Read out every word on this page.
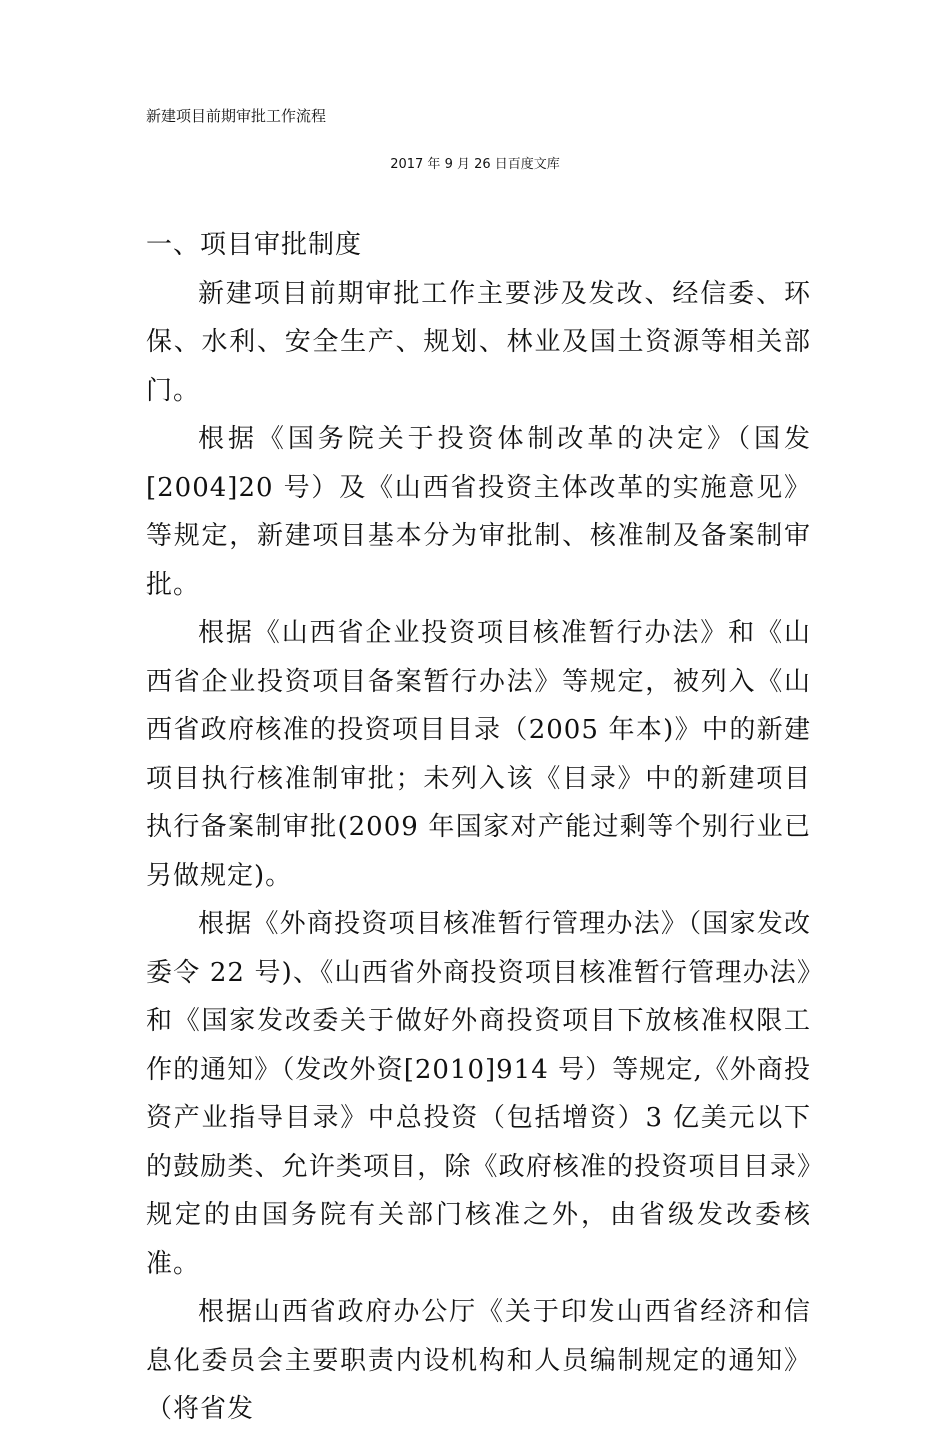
新建项目前期审批工作流程

2017 年 9 月 26 日百度文库

一、项目审批制度

新建项目前期审批工作主要涉及发改、经信委、环保、水利、安全生产、规划、林业及国土资源等相关部门。

根据《国务院关于投资体制改革的决定》（国发[2004]20 号）及《山西省投资主体改革的实施意见》等规定，新建项目基本分为审批制、核准制及备案制审批。

根据《山西省企业投资项目核准暂行办法》和《山西省企业投资项目备案暂行办法》等规定，被列入《山西省政府核准的投资项目目录（2005 年本)》中的新建项目执行核准制审批；未列入该《目录》中的新建项目执行备案制审批(2009 年国家对产能过剩等个别行业已另做规定)。

根据《外商投资项目核准暂行管理办法》（国家发改委令 22 号)、《山西省外商投资项目核准暂行管理办法》和《国家发改委关于做好外商投资项目下放核准权限工作的通知》（发改外资[2010]914 号）等规定,《外商投资产业指导目录》中总投资（包括增资）3 亿美元以下的鼓励类、允许类项目，除《政府核准的投资项目目录》规定的由国务院有关部门核准之外，由省级发改委核准。

根据山西省政府办公厅《关于印发山西省经济和信息化委员会主要职责内设机构和人员编制规定的通知》（将省发
